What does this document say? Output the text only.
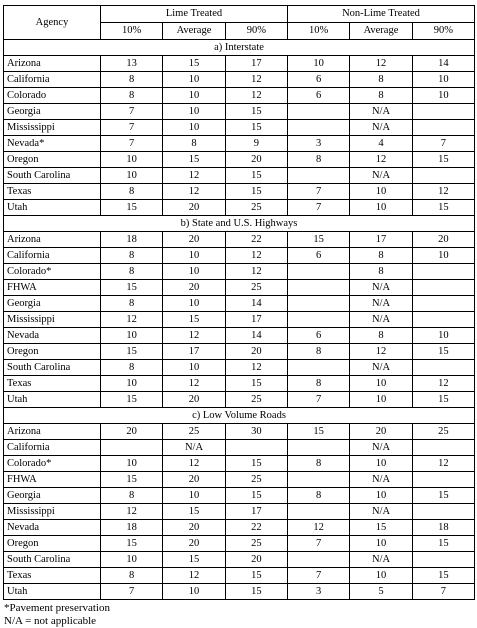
Agency	Lime Treated			Non-Lime Treated		
	10%	Average	90%	10%	Average	90%
a) Interstate						
Arizona	13	15	17	10	12	14
California	8	10	12	6	8	10
Colorado	8	10	12	6	8	10
Georgia	7	10	15		N/A	
Mississippi	7	10	15		N/A	
Nevada*	7	8	9	3	4	7
Oregon	10	15	20	8	12	15
South Carolina	10	12	15		N/A	
Texas	8	12	15	7	10	12
Utah	15	20	25	7	10	15
b) State and U.S. Highways						
Arizona	18	20	22	15	17	20
California	8	10	12	6	8	10
Colorado*	8	10	12		8	
FHWA	15	20	25		N/A	
Georgia	8	10	14		N/A	
Mississippi	12	15	17		N/A	
Nevada	10	12	14	6	8	10
Oregon	15	17	20	8	12	15
South Carolina	8	10	12		N/A	
Texas	10	12	15	8	10	12
Utah	15	20	25	7	10	15
c) Low Volume Roads						
Arizona	20	25	30	15	20	25
California		N/A			N/A	
Colorado*	10	12	15	8	10	12
FHWA	15	20	25		N/A	
Georgia	8	10	15	8	10	15
Mississippi	12	15	17		N/A	
Nevada	18	20	22	12	15	18
Oregon	15	20	25	7	10	15
South Carolina	10	15	20		N/A	
Texas	8	12	15	7	10	15
Utah	7	10	15	3	5	7
*Pavement preservation
N/A = not applicable
